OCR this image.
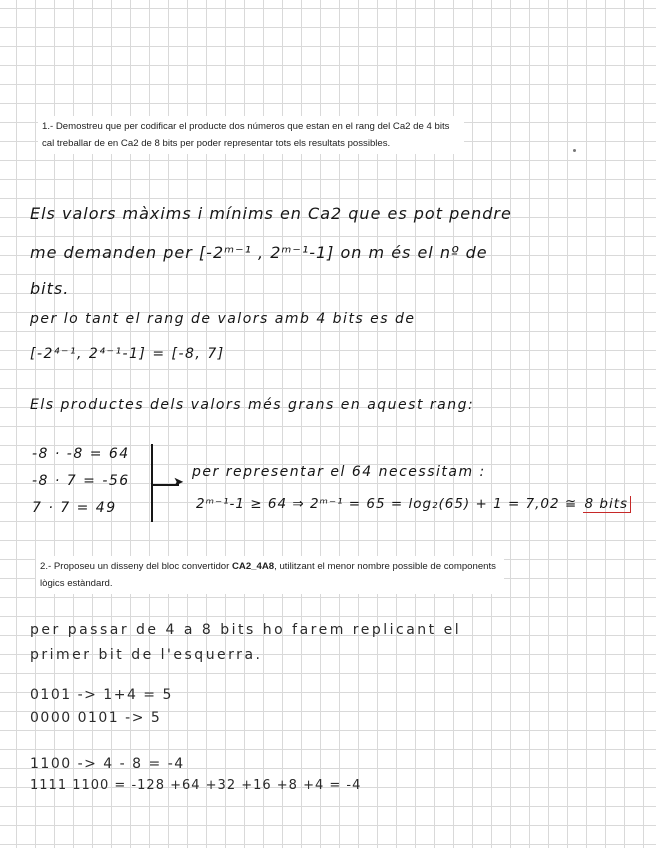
1.- Demostreu que per codificar el producte dos números que estan en el rang del Ca2 de 4 bits cal treballar de en Ca2 de 8 bits per poder representar tots els resultats possibles.
Els valors màxims i mínims en Ca2 que es pot pendre
me demanden per [-2ᵐ⁻¹ , 2ᵐ⁻¹-1] on m és el nº de
bits.
per lo tant el rang de valors amb 4 bits es de
[-2⁴⁻¹, 2⁴⁻¹-1] = [-8, 7]
Els productes dels valors més grans en aquest rang:
-8 · -8 = 64
-8 · 7 = -56
7 · 7 = 49
➤
per representar el 64 necessitam :
2ᵐ⁻¹-1 ≥ 64 ⇒ 2ᵐ⁻¹ = 65 = log₂(65) + 1 = 7,02 ≅ 8 bits
2.- Proposeu un disseny del bloc convertidor CA2_4A8, utilitzant el menor nombre possible de components lògics estàndard.
per passar de 4 a 8 bits ho farem replicant el
primer bit de l'esquerra.
0101 -> 1+4 = 5
0000 0101 -> 5
1100 -> 4 - 8 = -4
1111 1100 = -128 +64 +32 +16 +8 +4 = -4
